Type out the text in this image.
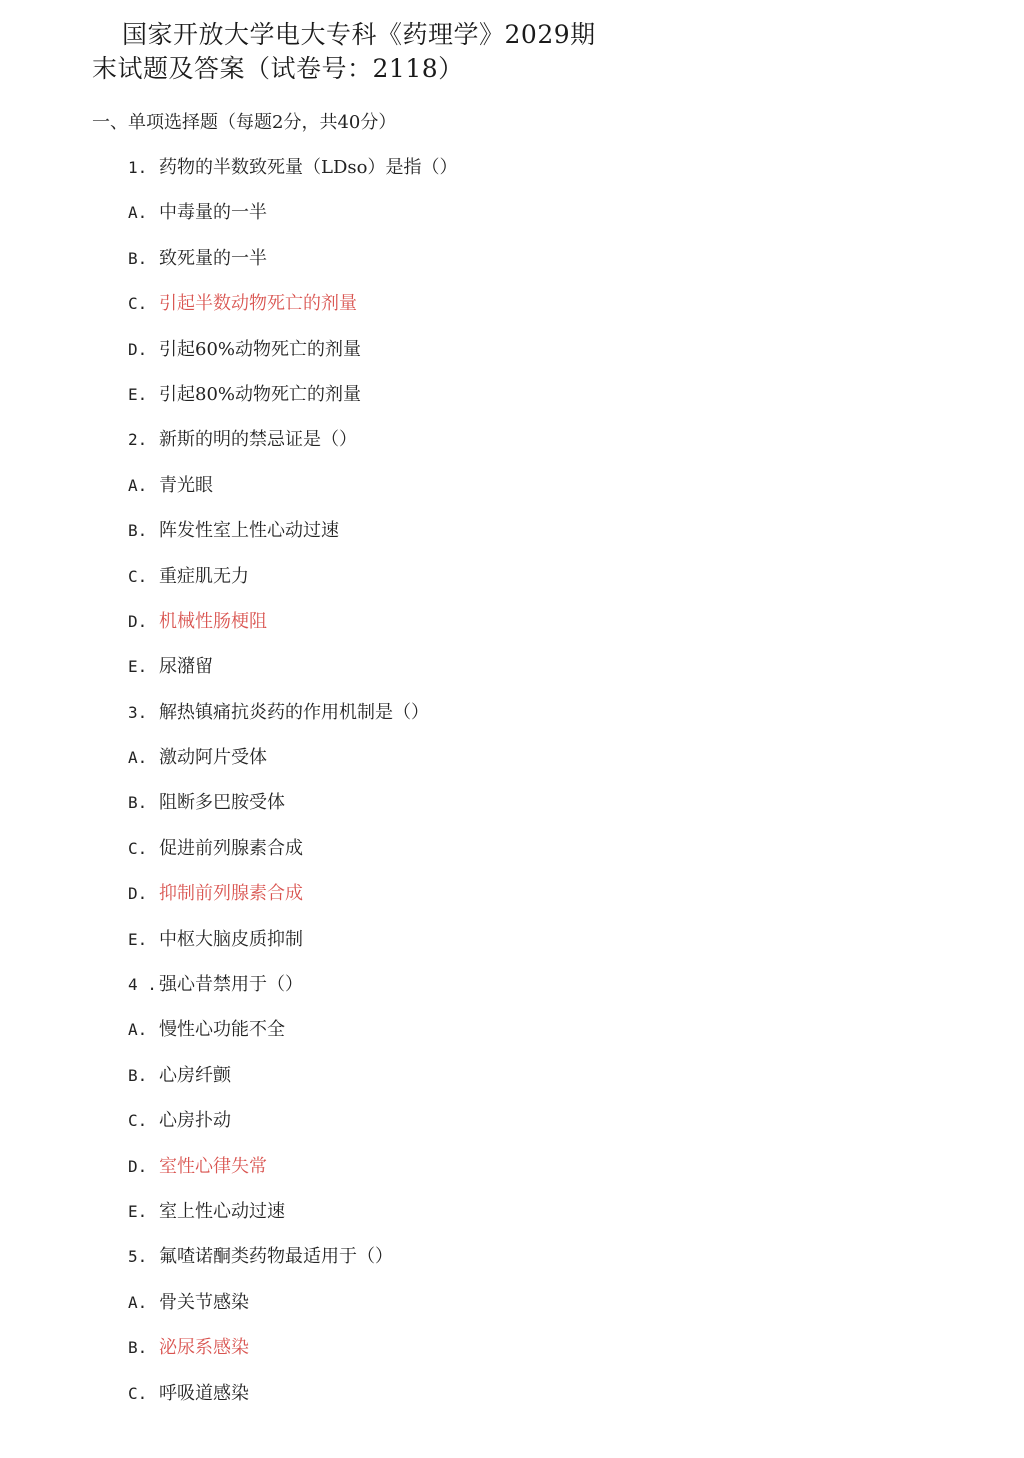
国家开放大学电大专科《药理学》2029期
末试题及答案（试卷号：2118）
一、单项选择题（每题2分，共40分）
1. 药物的半数致死量（LDso）是指（）
A. 中毒量的一半
B. 致死量的一半
C. 引起半数动物死亡的剂量
D. 引起60%动物死亡的剂量
E. 引起80%动物死亡的剂量
2. 新斯的明的禁忌证是（）
A. 青光眼
B. 阵发性室上性心动过速
C. 重症肌无力
D. 机械性肠梗阻
E. 尿潴留
3. 解热镇痛抗炎药的作用机制是（）
A. 激动阿片受体
B. 阻断多巴胺受体
C. 促进前列腺素合成
D. 抑制前列腺素合成
E. 中枢大脑皮质抑制
4 . 强心昔禁用于（）
A. 慢性心功能不全
B. 心房纤颤
C. 心房扑动
D. 室性心律失常
E. 室上性心动过速
5. 氟喳诺酮类药物最适用于（）
A. 骨关节感染
B. 泌尿系感染
C. 呼吸道感染
